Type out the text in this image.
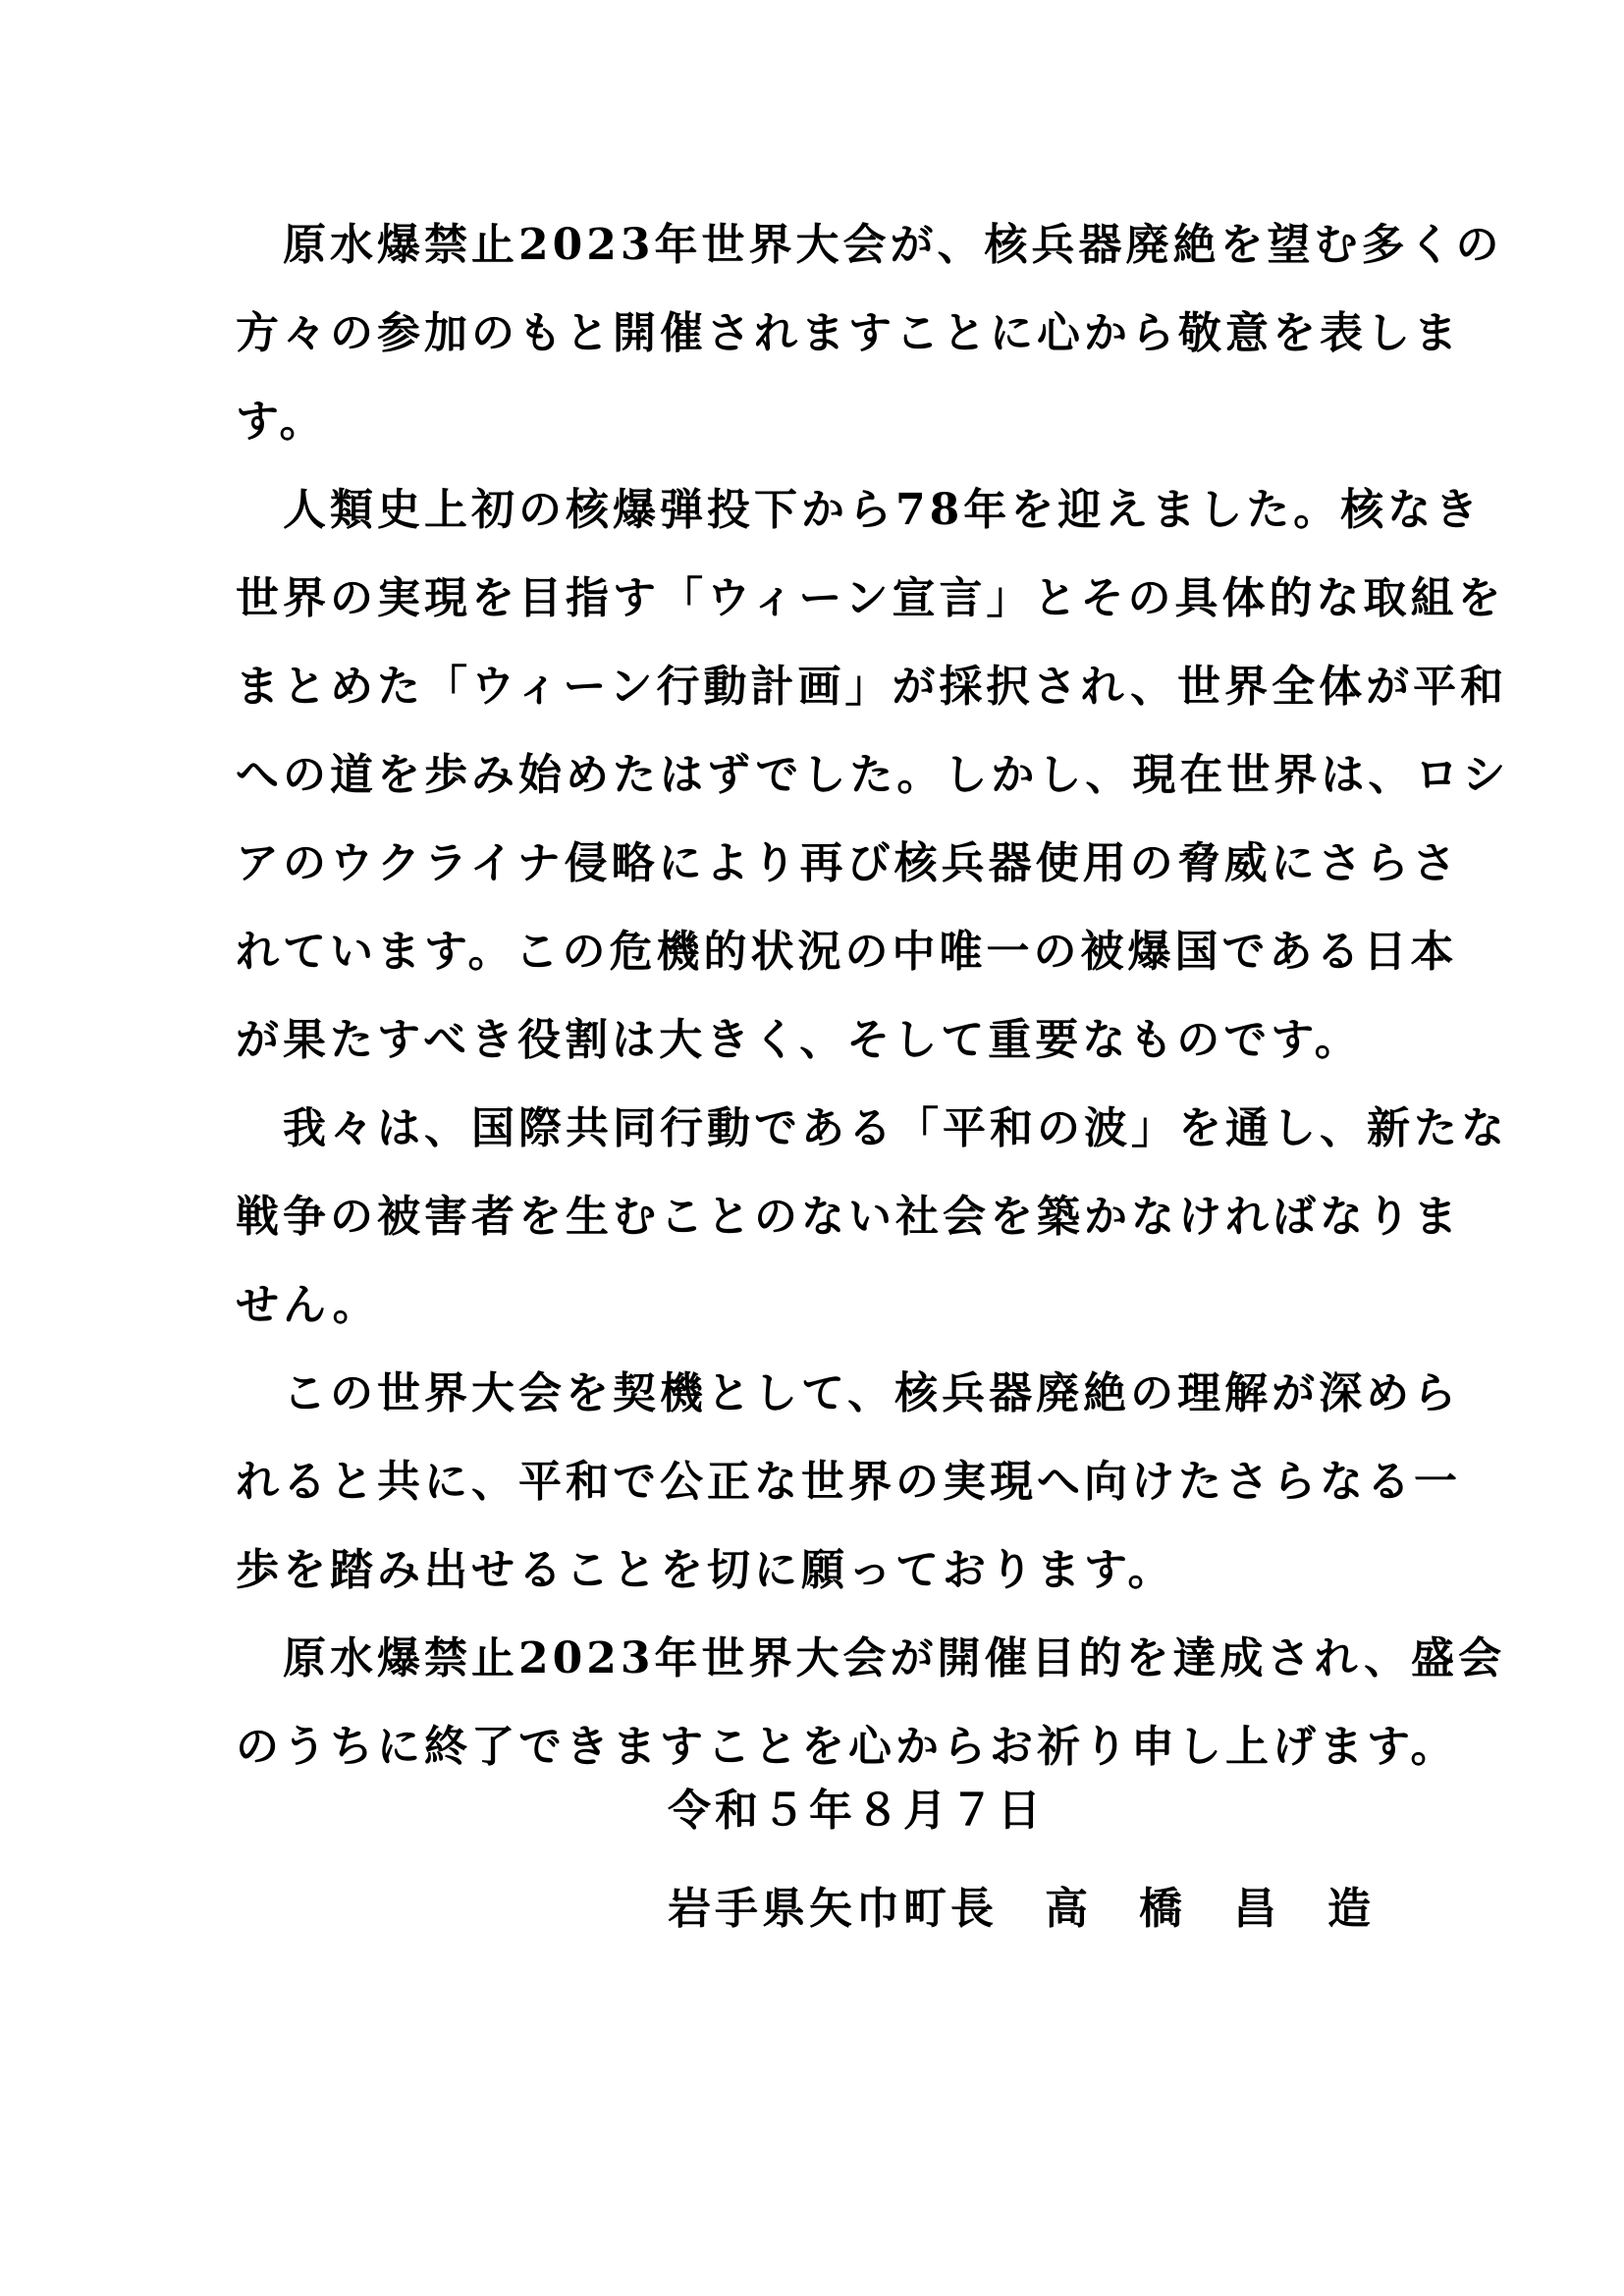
　原水爆禁止2023年世界大会が、核兵器廃絶を望む多くの
方々の参加のもと開催されますことに心から敬意を表しま
す。
　人類史上初の核爆弾投下から78年を迎えました。核なき
世界の実現を目指す「ウィーン宣言」とその具体的な取組を
まとめた「ウィーン行動計画」が採択され、世界全体が平和
への道を歩み始めたはずでした。しかし、現在世界は、ロシ
アのウクライナ侵略により再び核兵器使用の脅威にさらさ
れています。この危機的状況の中唯一の被爆国である日本
が果たすべき役割は大きく、そして重要なものです。
　我々は、国際共同行動である「平和の波」を通し、新たな
戦争の被害者を生むことのない社会を築かなければなりま
せん。
　この世界大会を契機として、核兵器廃絶の理解が深めら
れると共に、平和で公正な世界の実現へ向けたさらなる一
歩を踏み出せることを切に願っております。
　原水爆禁止2023年世界大会が開催目的を達成され、盛会
のうちに終了できますことを心からお祈り申し上げます。
令和５年８月７日
岩手県矢巾町長　高　橋　昌　造
